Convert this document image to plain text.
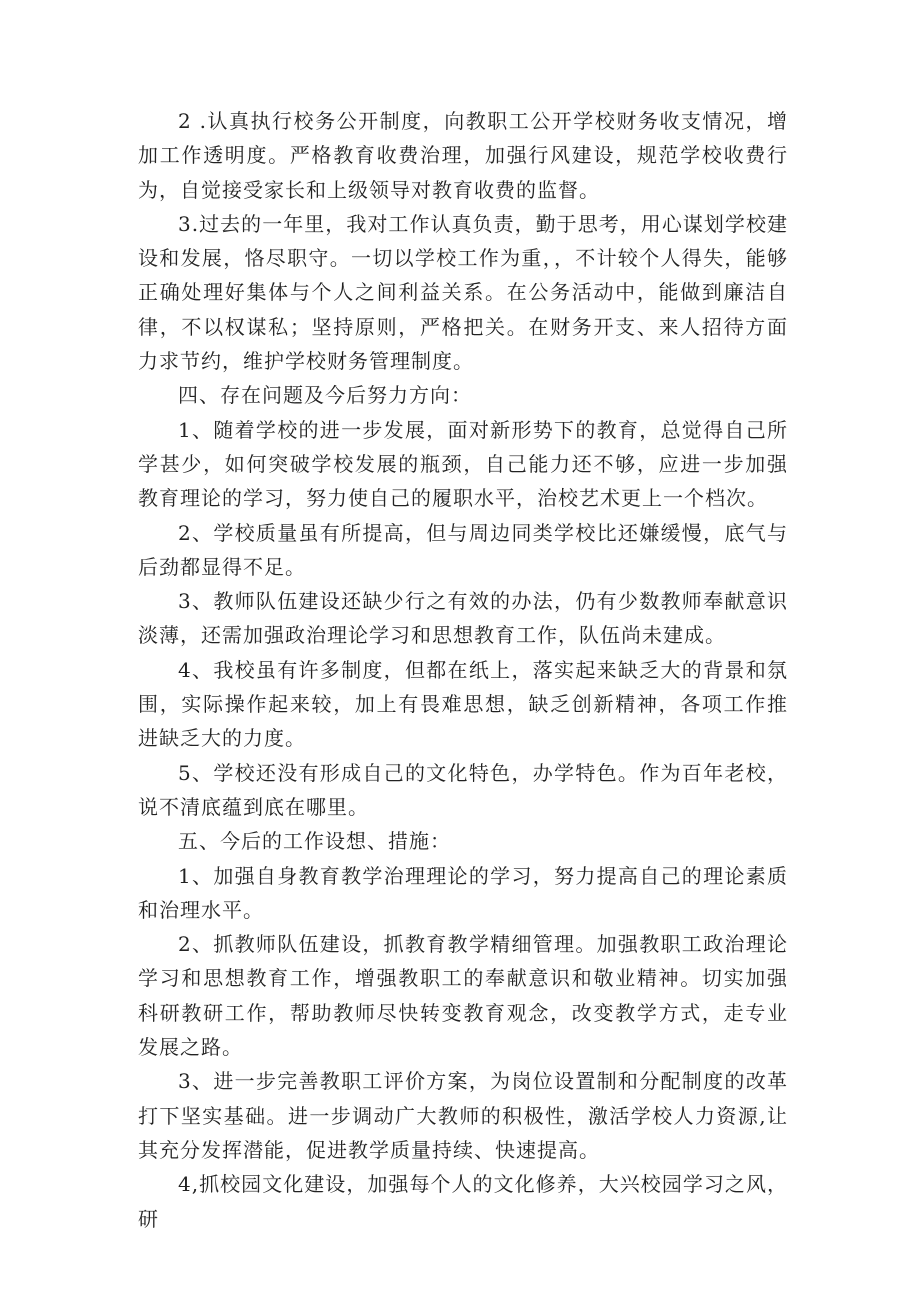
2 .认真执行校务公开制度，向教职工公开学校财务收支情况，增加工作透明度。严格教育收费治理，加强行风建设，规范学校收费行为，自觉接受家长和上级领导对教育收费的监督。

3.过去的一年里，我对工作认真负责，勤于思考，用心谋划学校建设和发展，恪尽职守。一切以学校工作为重，，不计较个人得失，能够正确处理好集体与个人之间利益关系。在公务活动中，能做到廉洁自律，不以权谋私；坚持原则，严格把关。在财务开支、来人招待方面力求节约，维护学校财务管理制度。

四、存在问题及今后努力方向：

1、随着学校的进一步发展，面对新形势下的教育，总觉得自己所学甚少，如何突破学校发展的瓶颈，自己能力还不够，应进一步加强教育理论的学习，努力使自己的履职水平，治校艺术更上一个档次。

2、学校质量虽有所提高，但与周边同类学校比还嫌缓慢，底气与后劲都显得不足。

3、教师队伍建设还缺少行之有效的办法，仍有少数教师奉献意识淡薄，还需加强政治理论学习和思想教育工作，队伍尚未建成。

4、我校虽有许多制度，但都在纸上，落实起来缺乏大的背景和氛围，实际操作起来较，加上有畏难思想，缺乏创新精神，各项工作推进缺乏大的力度。

5、学校还没有形成自己的文化特色，办学特色。作为百年老校，说不清底蕴到底在哪里。

五、今后的工作设想、措施：

1、加强自身教育教学治理理论的学习，努力提高自己的理论素质和治理水平。

2、抓教师队伍建设，抓教育教学精细管理。加强教职工政治理论学习和思想教育工作，增强教职工的奉献意识和敬业精神。切实加强科研教研工作，帮助教师尽快转变教育观念，改变教学方式，走专业发展之路。

3、进一步完善教职工评价方案，为岗位设置制和分配制度的改革打下坚实基础。进一步调动广大教师的积极性，激活学校人力资源,让其充分发挥潜能，促进教学质量持续、快速提高。

4,抓校园文化建设，加强每个人的文化修养，大兴校园学习之风，研
